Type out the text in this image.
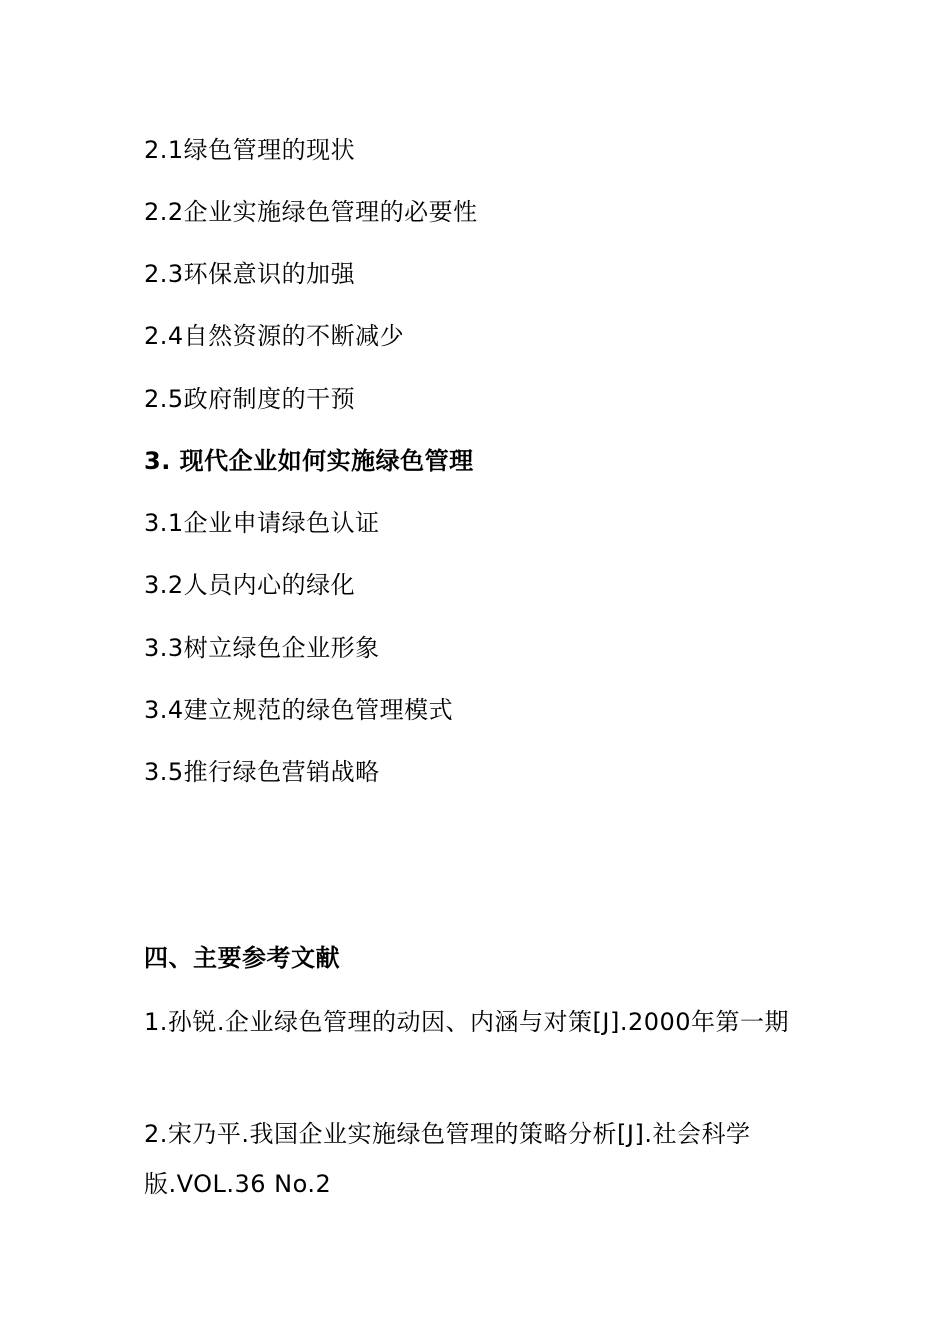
2.1绿色管理的现状
2.2企业实施绿色管理的必要性
2.3环保意识的加强
2.4自然资源的不断减少
2.5政府制度的干预
3. 现代企业如何实施绿色管理
3.1企业申请绿色认证
3.2人员内心的绿化
3.3树立绿色企业形象
3.4建立规范的绿色管理模式
3.5推行绿色营销战略
四、主要参考文献
1.孙锐.企业绿色管理的动因、内涵与对策[J].2000年第一期
2.宋乃平.我国企业实施绿色管理的策略分析[J].社会科学版.VOL.36 No.2
